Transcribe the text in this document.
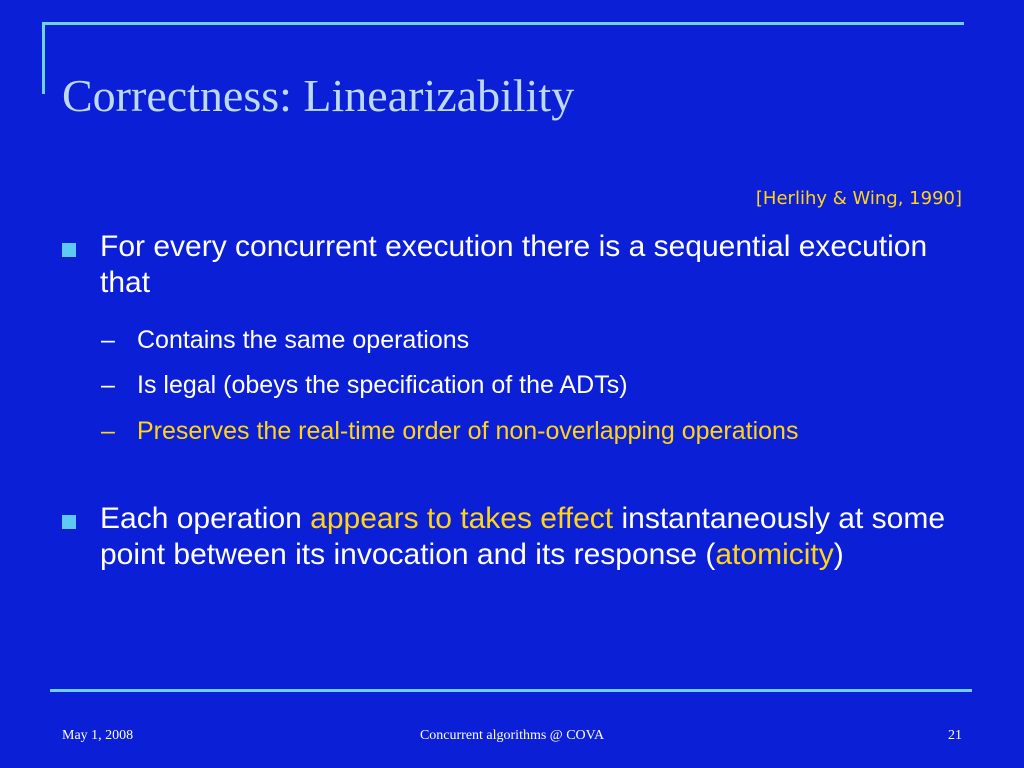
Correctness: Linearizability
[Herlihy & Wing, 1990]
For every concurrent execution there is a sequential execution that
– Contains the same operations
– Is legal (obeys the specification of the ADTs)
– Preserves the real-time order of non-overlapping operations
Each operation appears to takes effect instantaneously at some point between its invocation and its response (atomicity)
May 1, 2008	Concurrent algorithms @ COVA	21
